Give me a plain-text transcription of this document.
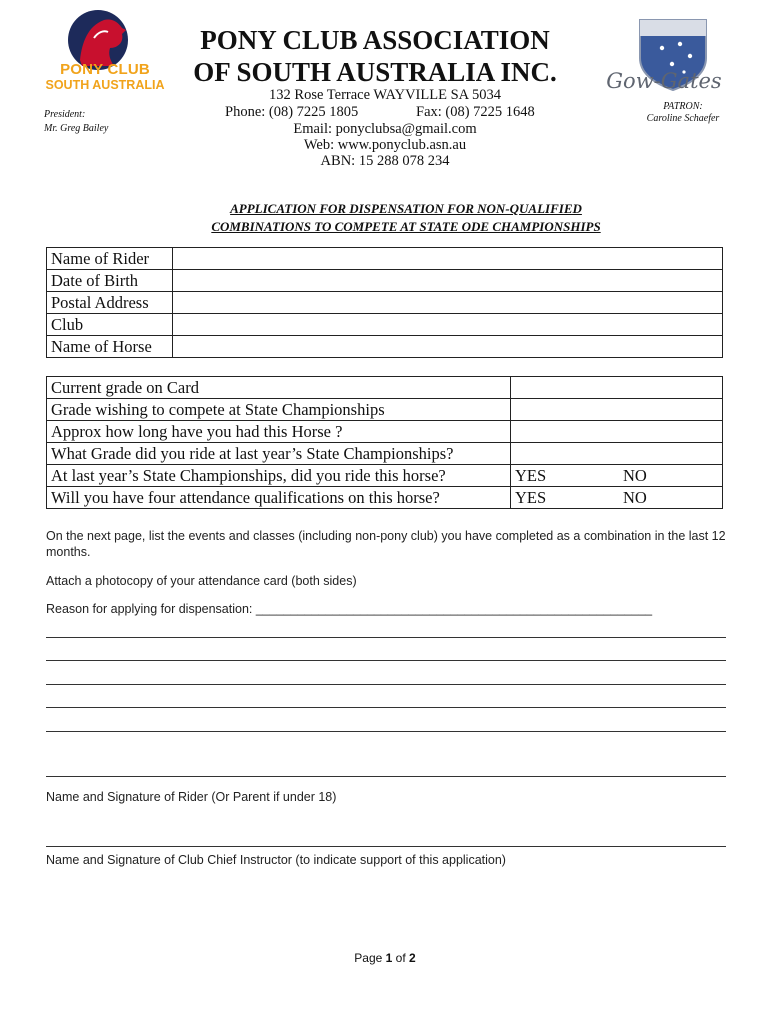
PONY CLUB
SOUTH AUSTRALIA
President:
Mr. Greg Bailey
PONY CLUB ASSOCIATION
OF SOUTH AUSTRALIA INC.
132 Rose Terrace WAYVILLE SA 5034
Phone: (08) 7225 1805	Fax: (08) 7225 1648
Email: ponyclubsa@gmail.com
Web: www.ponyclub.asn.au
ABN: 15 288 078 234
Gow-Gates
PATRON:
Caroline Schaefer
APPLICATION FOR DISPENSATION FOR NON-QUALIFIED
COMBINATIONS TO COMPETE AT STATE ODE CHAMPIONSHIPS
Name of Rider	
Date of Birth	
Postal Address	
Club	
Name of Horse	
Current grade on Card		
Grade wishing to compete at State Championships		
Approx how long have you had this Horse ?		
What Grade did you ride at last year’s State Championships?		
At last year’s State Championships, did you ride this horse?	YES	NO
Will you have four attendance qualifications on this horse?	YES	NO
On the next page, list the events and classes (including non-pony club) you have completed as a combination in the last 12 months.
Attach a photocopy of your attendance card (both sides)
Reason for applying for dispensation: _________________________________________________________
Name and Signature of Rider (Or Parent if under 18)
Name and Signature of Club Chief Instructor (to indicate support of this application)
Page 1 of 2
